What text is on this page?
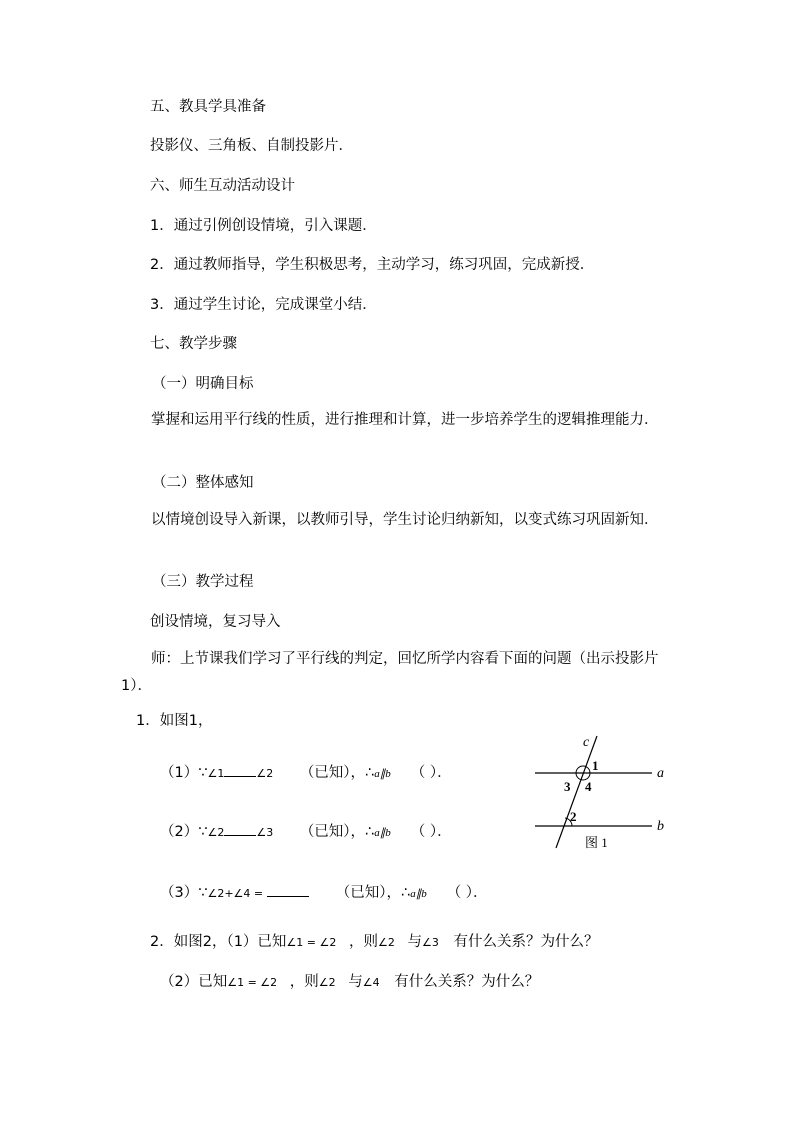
五、教具学具准备
投影仪、三角板、自制投影片．
六、师生互动活动设计
1．通过引例创设情境，引入课题．
2．通过教师指导，学生积极思考，主动学习，练习巩固，完成新授．
3．通过学生讨论，完成课堂小结．
七、教学步骤
（一）明确目标
掌握和运用平行线的性质，进行推理和计算，进一步培养学生的逻辑推理能力．
（二）整体感知
以情境创设导入新课，以教师引导，学生讨论归纳新知，以变式练习巩固新知．
（三）教学过程
创设情境，复习导入
师：上节课我们学习了平行线的判定，回忆所学内容看下面的问题（出示投影片1）．
1．如图1，
（1）∵∠1	∠2 （已知），∴a∥b （ ）．
（2）∵∠2	∠3 （已知），∴a∥b （ ）．
（3）∵∠2+∠4 =	（已知），∴a∥b （ ）．
2．如图2，（1）已知∠1 = ∠2 ，则∠2 与∠3 有什么关系？为什么？
（2）已知∠1 = ∠2 ，则∠2 与∠4 有什么关系？为什么？
c
a
b
1
2
3 4
图 1
